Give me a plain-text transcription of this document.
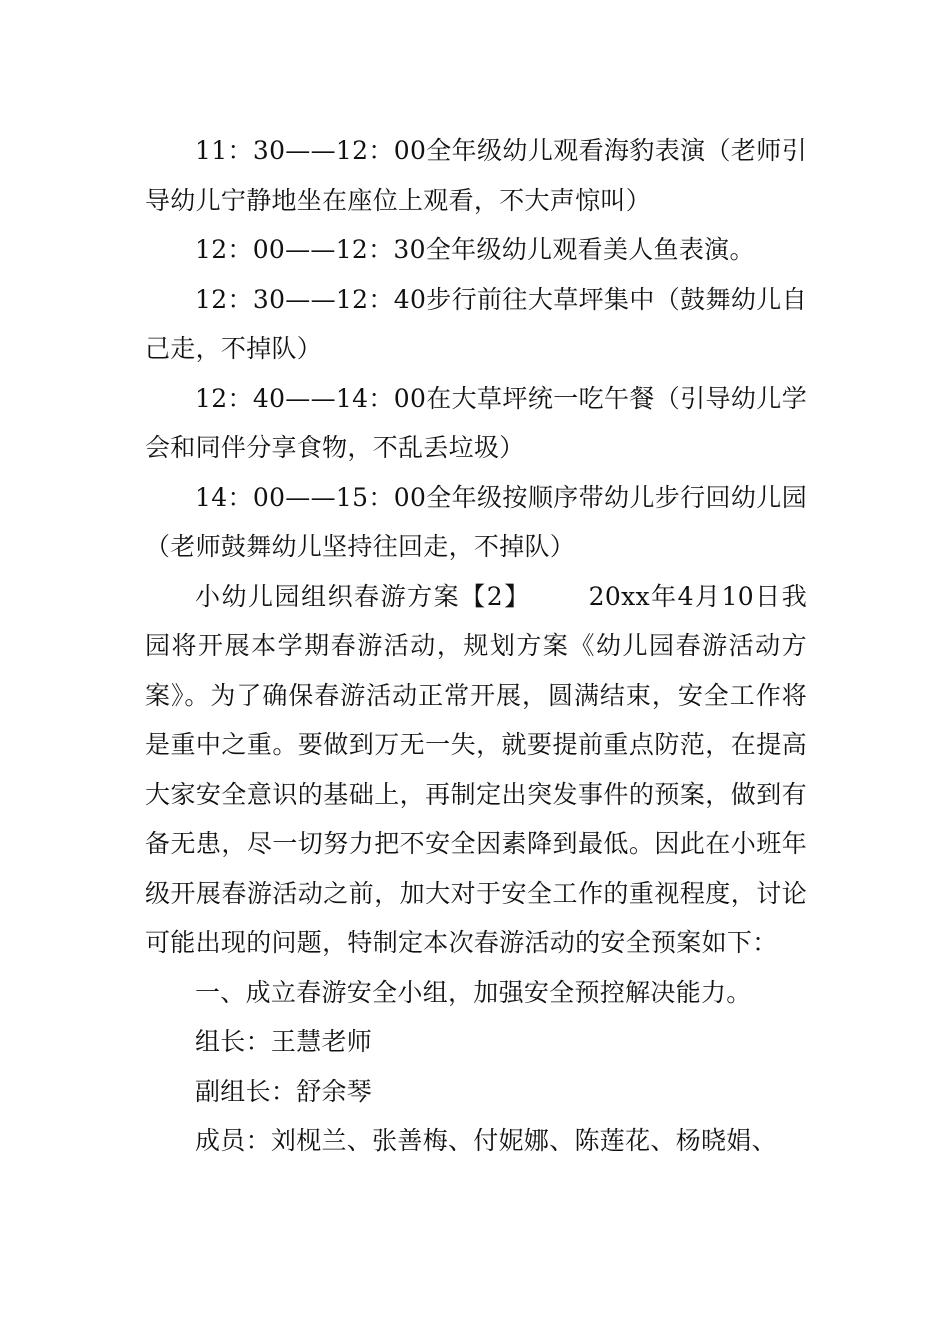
11：30——12：00全年级幼儿观看海豹表演（老师引导幼儿宁静地坐在座位上观看，不大声惊叫）

12：00——12：30全年级幼儿观看美人鱼表演。

12：30——12：40步行前往大草坪集中（鼓舞幼儿自己走，不掉队）

12：40——14：00在大草坪统一吃午餐（引导幼儿学会和同伴分享食物，不乱丢垃圾）

14：00——15：00全年级按顺序带幼儿步行回幼儿园（老师鼓舞幼儿坚持往回走，不掉队）

小幼儿园组织春游方案【2】 20xx年4月10日我园将开展本学期春游活动，规划方案《幼儿园春游活动方案》。为了确保春游活动正常开展，圆满结束，安全工作将是重中之重。要做到万无一失，就要提前重点防范，在提高大家安全意识的基础上，再制定出突发事件的预案，做到有备无患，尽一切努力把不安全因素降到最低。因此在小班年级开展春游活动之前，加大对于安全工作的重视程度，讨论可能出现的问题，特制定本次春游活动的安全预案如下：

一、成立春游安全小组，加强安全预控解决能力。

组长：王慧老师

副组长：舒余琴

成员：刘枧兰、张善梅、付妮娜、陈莲花、杨晓娟、
